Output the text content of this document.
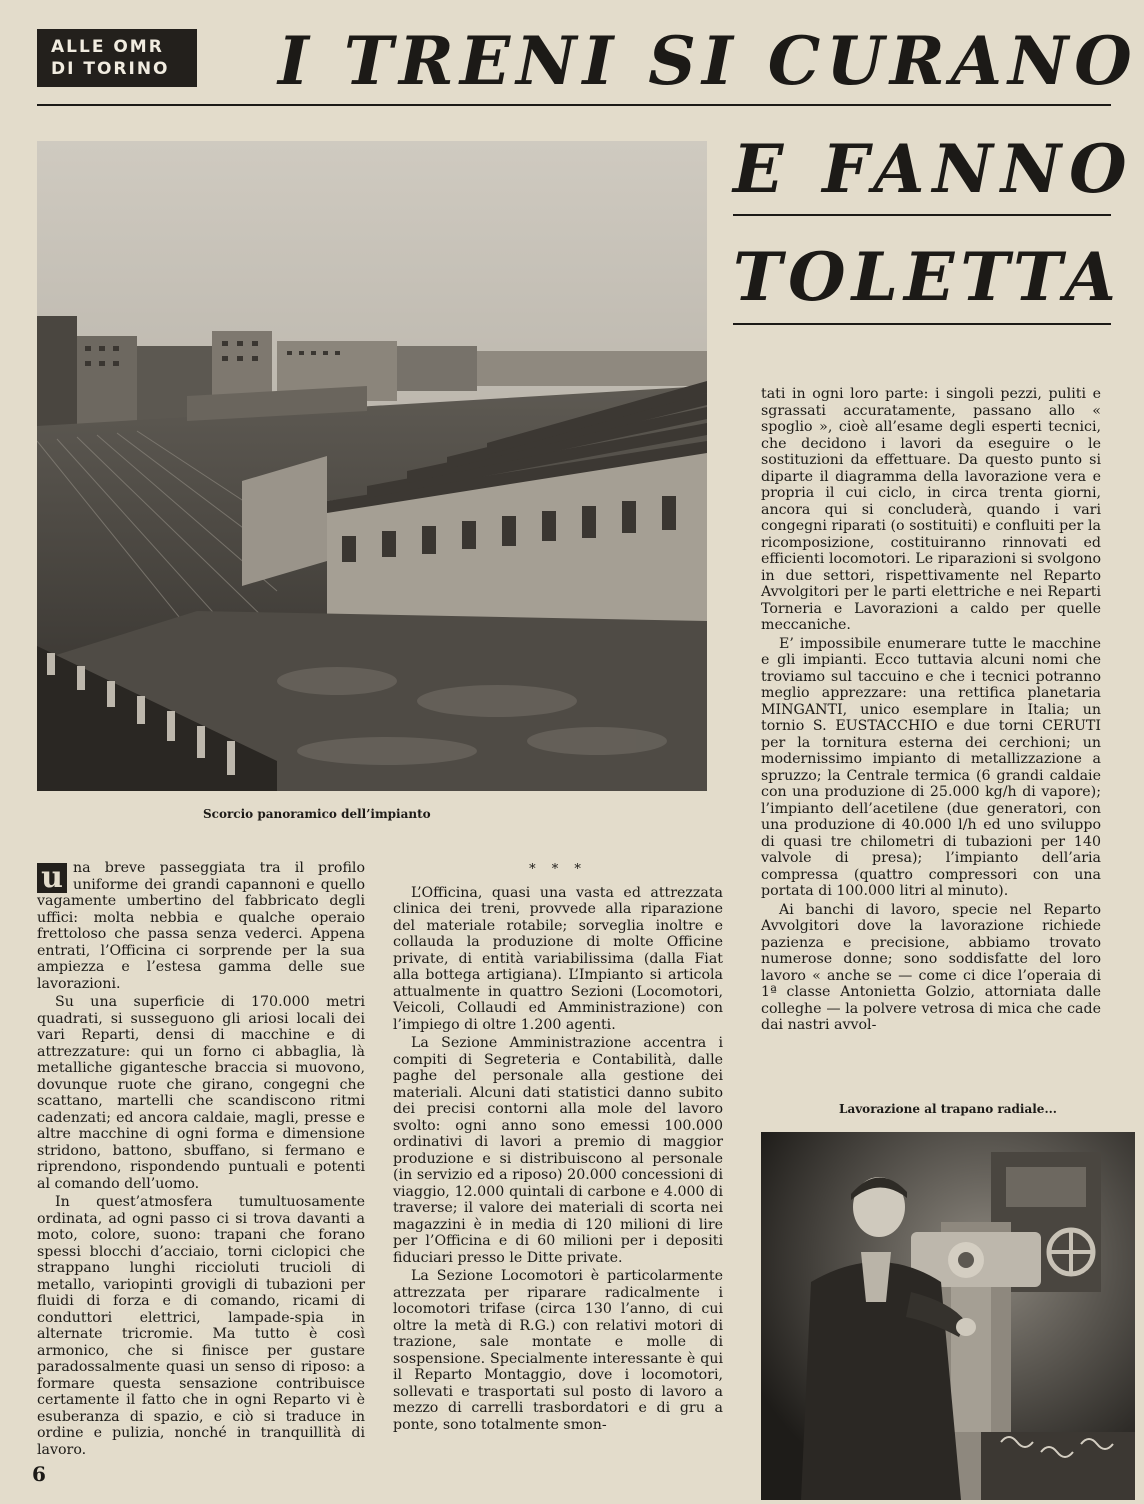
ALLE OMR
DI TORINO	I TRENI SI CURANO
E FANNO
TOLETTA
Scorcio panoramico dell’impianto

u na breve passeggiata tra il profilo uniforme dei grandi capannoni e quello vagamente umbertino del fabbricato degli uffici: molta nebbia e qualche operaio frettoloso che passa senza vederci. Appena entrati, l’Officina ci sorprende per la sua ampiezza e l’estesa gamma delle sue lavorazioni.

Su una superficie di 170.000 metri quadrati, si susseguono gli ariosi locali dei vari Reparti, densi di macchine e di attrezzature: qui un forno ci abbaglia, là metalliche gigantesche braccia si muovono, dovunque ruote che girano, congegni che scattano, martelli che scandiscono ritmi cadenzati; ed ancora caldaie, magli, presse e altre macchine di ogni forma e dimensione stridono, battono, sbuffano, si fermano e riprendono, rispondendo puntuali e potenti al comando dell’uomo.

In quest’atmosfera tumultuosamente ordinata, ad ogni passo ci si trova davanti a moto, colore, suono: trapani che forano spessi blocchi d’acciaio, torni ciclopici che strappano lunghi riccioluti trucioli di metallo, variopinti grovigli di tubazioni per fluidi di forza e di comando, ricami di conduttori elettrici, lampade-spia in alternate tricromie. Ma tutto è così armonico, che si finisce per gustare paradossalmente quasi un senso di riposo: a formare questa sensazione contribuisce certamente il fatto che in ogni Reparto vi è esuberanza di spazio, e ciò si traduce in ordine e pulizia, nonché in tranquillità di lavoro.

* * *

L’Officina, quasi una vasta ed attrezzata clinica dei treni, provvede alla riparazione del materiale rotabile; sorveglia inoltre e collauda la produzione di molte Officine private, di entità variabilissima (dalla Fiat alla bottega artigiana). L’Impianto si articola attualmente in quattro Sezioni (Locomotori, Veicoli, Collaudi ed Amministrazione) con l’impiego di oltre 1.200 agenti.

La Sezione Amministrazione accentra i compiti di Segreteria e Contabilità, dalle paghe del personale alla gestione dei materiali. Alcuni dati statistici danno subito dei precisi contorni alla mole del lavoro svolto: ogni anno sono emessi 100.000 ordinativi di lavori a premio di maggior produzione e si distribuiscono al personale (in servizio ed a riposo) 20.000 concessioni di viaggio, 12.000 quintali di carbone e 4.000 di traverse; il valore dei materiali di scorta nei magazzini è in media di 120 milioni di lire per l’Officina e di 60 milioni per i depositi fiduciari presso le Ditte private.

La Sezione Locomotori è particolarmente attrezzata per riparare radicalmente i locomotori trifase (circa 130 l’anno, di cui oltre la metà di R.G.) con relativi motori di trazione, sale montate e molle di sospensione. Specialmente interessante è qui il Reparto Montaggio, dove i locomotori, sollevati e trasportati sul posto di lavoro a mezzo di carrelli trasbordatori e di gru a ponte, sono totalmente smon-

tati in ogni loro parte: i singoli pezzi, puliti e sgrassati accuratamente, passano allo « spoglio », cioè all’esame degli esperti tecnici, che decidono i lavori da eseguire o le sostituzioni da effettuare. Da questo punto si diparte il diagramma della lavorazione vera e propria il cui ciclo, in circa trenta giorni, ancora qui si concluderà, quando i vari congegni riparati (o sostituiti) e confluiti per la ricomposizione, costituiranno rinnovati ed efficienti locomotori. Le riparazioni si svolgono in due settori, rispettivamente nel Reparto Avvolgitori per le parti elettriche e nei Reparti Torneria e Lavorazioni a caldo per quelle meccaniche.

E’ impossibile enumerare tutte le macchine e gli impianti. Ecco tuttavia alcuni nomi che troviamo sul taccuino e che i tecnici potranno meglio apprezzare: una rettifica planetaria MINGANTI, unico esemplare in Italia; un tornio S. EUSTACCHIO e due torni CERUTI per la tornitura esterna dei cerchioni; un modernissimo impianto di metallizzazione a spruzzo; la Centrale termica (6 grandi caldaie con una produzione di 25.000 kg/h di vapore); l’impianto dell’acetilene (due generatori, con una produzione di 40.000 l/h ed uno sviluppo di quasi tre chilometri di tubazioni per 140 valvole di presa); l’impianto dell’aria compressa (quattro compressori con una portata di 100.000 litri al minuto).

Ai banchi di lavoro, specie nel Reparto Avvolgitori dove la lavorazione richiede pazienza e precisione, abbiamo trovato numerose donne; sono soddisfatte del loro lavoro « anche se — come ci dice l’operaia di 1ª classe Antonietta Golzio, attorniata dalle colleghe — la polvere vetrosa di mica che cade dai nastri avvol-

Lavorazione al trapano radiale...
6
